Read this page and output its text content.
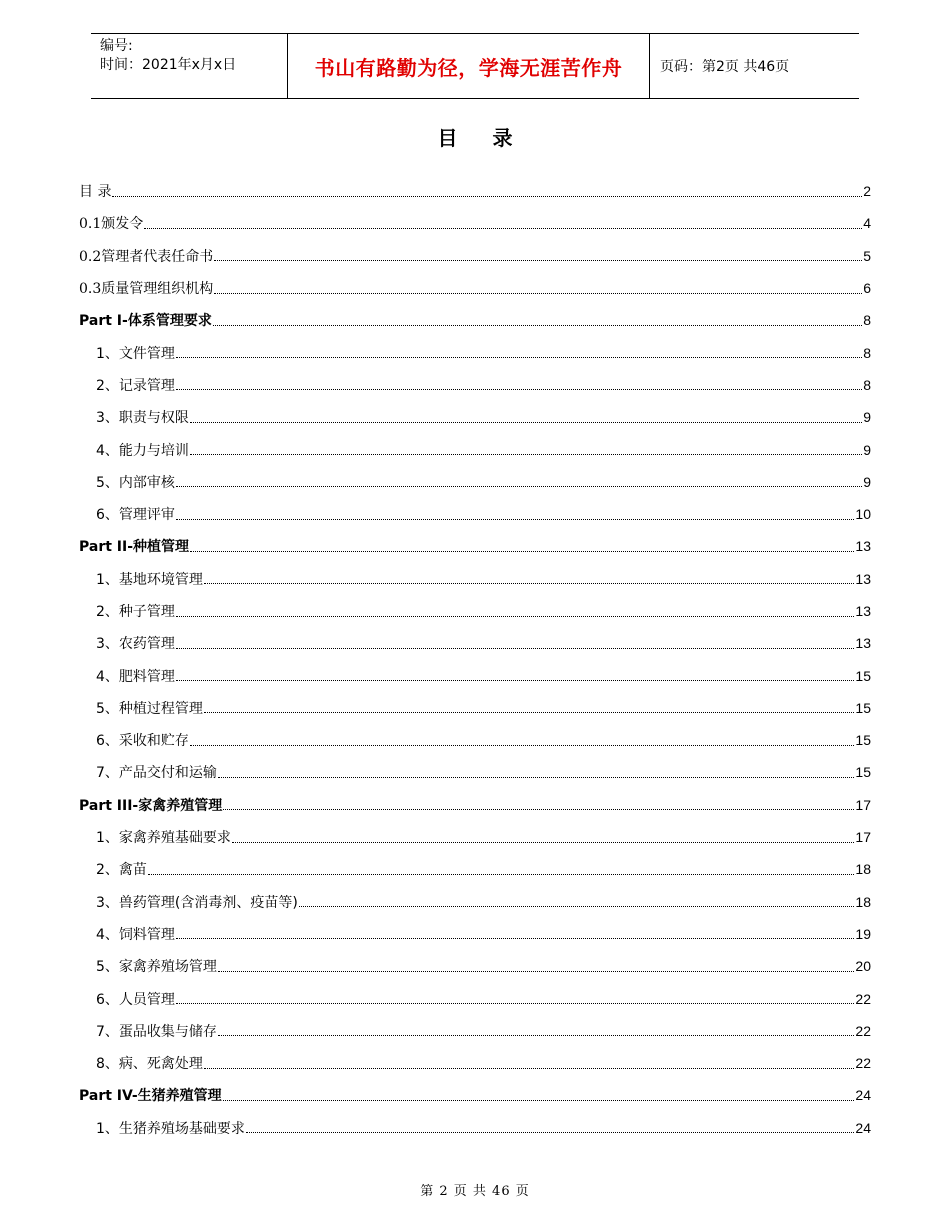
编号:
时间：2021年x月x日	书山有路勤为径，学海无涯苦作舟	页码：第2页 共46页
目 录
目 录	2
0.1颁发令	4
0.2管理者代表任命书	5
0.3质量管理组织机构	6
Part I-体系管理要求	8
1、文件管理	8
2、记录管理	8
3、职责与权限	9
4、能力与培训	9
5、内部审核	9
6、管理评审	10
Part II-种植管理	13
1、基地环境管理	13
2、种子管理	13
3、农药管理	13
4、肥料管理	15
5、种植过程管理	15
6、采收和贮存	15
7、产品交付和运输	15
Part III-家禽养殖管理	17
1、家禽养殖基础要求	17
2、禽苗	18
3、兽药管理(含消毒剂、疫苗等)	18
4、饲料管理	19
5、家禽养殖场管理	20
6、人员管理	22
7、蛋品收集与储存	22
8、病、死禽处理	22
Part IV-生猪养殖管理	24
1、生猪养殖场基础要求	24
第 2 页 共 46 页
